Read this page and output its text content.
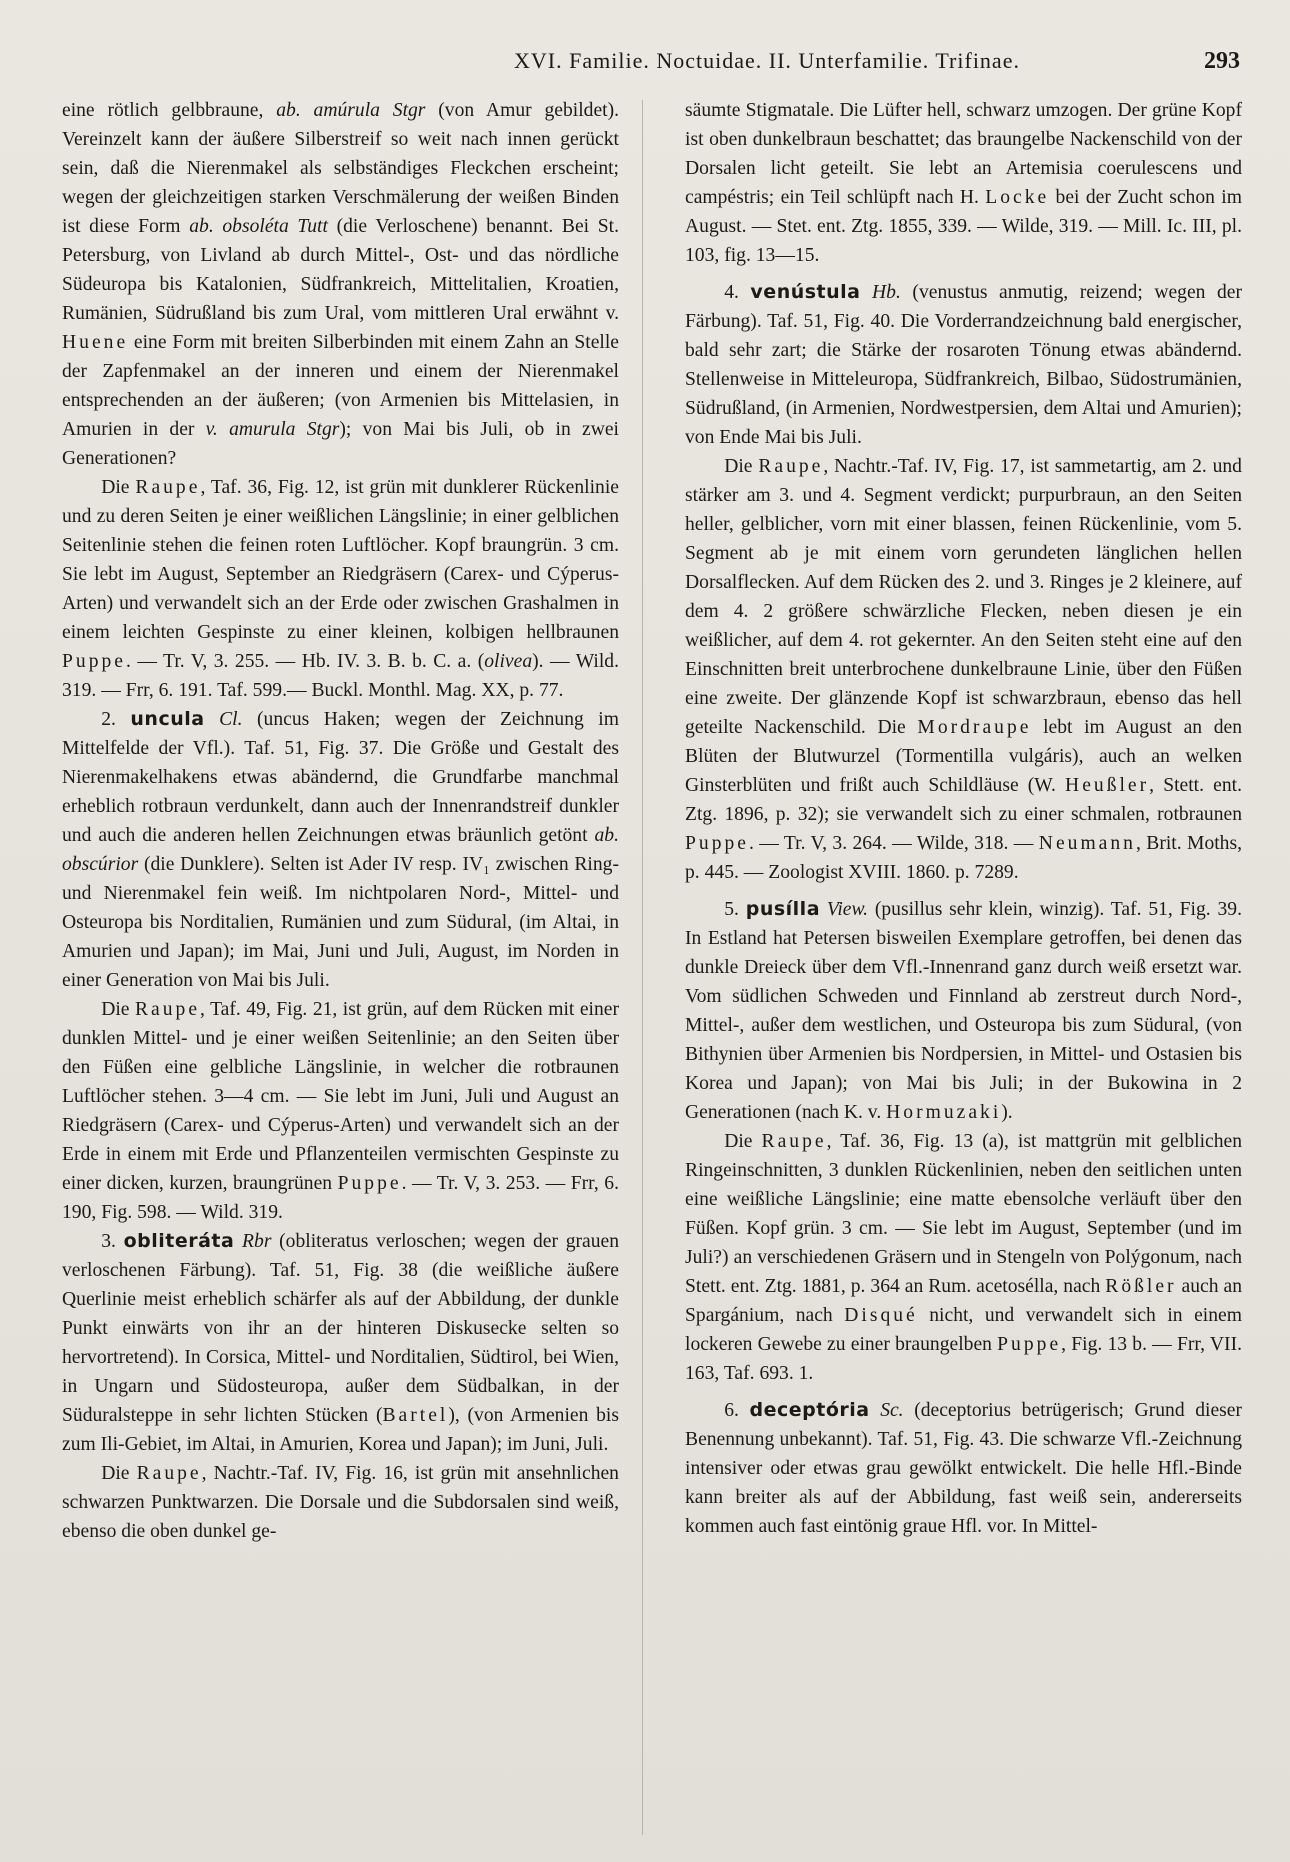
XVI. Familie. Noctuidae. II. Unterfamilie. Trifinae.	293

eine rötlich gelbbraune, ab. amúrula Stgr (von Amur gebildet). Vereinzelt kann der äußere Silberstreif so weit nach innen gerückt sein, daß die Nierenmakel als selbständiges Fleckchen erscheint; wegen der gleichzeitigen starken Verschmälerung der weißen Binden ist diese Form ab. obsoléta Tutt (die Verloschene) benannt. Bei St. Petersburg, von Livland ab durch Mittel-, Ost- und das nördliche Südeuropa bis Katalonien, Südfrankreich, Mittelitalien, Kroatien, Rumänien, Südrußland bis zum Ural, vom mittleren Ural erwähnt v. Huene eine Form mit breiten Silberbinden mit einem Zahn an Stelle der Zapfenmakel an der inneren und einem der Nierenmakel entsprechenden an der äußeren; (von Armenien bis Mittelasien, in Amurien in der v. amurula Stgr); von Mai bis Juli, ob in zwei Generationen?

Die Raupe, Taf. 36, Fig. 12, ist grün mit dunklerer Rückenlinie und zu deren Seiten je einer weißlichen Längslinie; in einer gelblichen Seitenlinie stehen die feinen roten Luftlöcher. Kopf braungrün. 3 cm. Sie lebt im August, September an Riedgräsern (Carex- und Cýperus-Arten) und verwandelt sich an der Erde oder zwischen Grashalmen in einem leichten Gespinste zu einer kleinen, kolbigen hellbraunen Puppe. — Tr. V, 3. 255. — Hb. IV. 3. B. b. C. a. (olivea). — Wild. 319. — Frr, 6. 191. Taf. 599.— Buckl. Monthl. Mag. XX, p. 77.

2. uncula Cl. (uncus Haken; wegen der Zeichnung im Mittelfelde der Vfl.). Taf. 51, Fig. 37. Die Größe und Gestalt des Nierenmakelhakens etwas abändernd, die Grundfarbe manchmal erheblich rotbraun verdunkelt, dann auch der Innenrandstreif dunkler und auch die anderen hellen Zeichnungen etwas bräunlich getönt ab. obscúrior (die Dunklere). Selten ist Ader IV resp. IV₁ zwischen Ring- und Nierenmakel fein weiß. Im nichtpolaren Nord-, Mittel- und Osteuropa bis Norditalien, Rumänien und zum Südural, (im Altai, in Amurien und Japan); im Mai, Juni und Juli, August, im Norden in einer Generation von Mai bis Juli.

Die Raupe, Taf. 49, Fig. 21, ist grün, auf dem Rücken mit einer dunklen Mittel- und je einer weißen Seitenlinie; an den Seiten über den Füßen eine gelbliche Längslinie, in welcher die rotbraunen Luftlöcher stehen. 3—4 cm. — Sie lebt im Juni, Juli und August an Riedgräsern (Carex- und Cýperus-Arten) und verwandelt sich an der Erde in einem mit Erde und Pflanzenteilen vermischten Gespinste zu einer dicken, kurzen, braungrünen Puppe. — Tr. V, 3. 253. — Frr, 6. 190, Fig. 598. — Wild. 319.

3. obliteráta Rbr (obliteratus verloschen; wegen der grauen verloschenen Färbung). Taf. 51, Fig. 38 (die weißliche äußere Querlinie meist erheblich schärfer als auf der Abbildung, der dunkle Punkt einwärts von ihr an der hinteren Diskusecke selten so hervortretend). In Corsica, Mittel- und Norditalien, Südtirol, bei Wien, in Ungarn und Südosteuropa, außer dem Südbalkan, in der Süduralsteppe in sehr lichten Stücken (Bartel), (von Armenien bis zum Ili-Gebiet, im Altai, in Amurien, Korea und Japan); im Juni, Juli.

Die Raupe, Nachtr.-Taf. IV, Fig. 16, ist grün mit ansehnlichen schwarzen Punktwarzen. Die Dorsale und die Subdorsalen sind weiß, ebenso die oben dunkel ge-

säumte Stigmatale. Die Lüfter hell, schwarz umzogen. Der grüne Kopf ist oben dunkelbraun beschattet; das braungelbe Nackenschild von der Dorsalen licht geteilt. Sie lebt an Artemisia coerulescens und campéstris; ein Teil schlüpft nach H. Locke bei der Zucht schon im August. — Stet. ent. Ztg. 1855, 339. — Wilde, 319. — Mill. Ic. III, pl. 103, fig. 13—15.

4. venústula Hb. (venustus anmutig, reizend; wegen der Färbung). Taf. 51, Fig. 40. Die Vorderrandzeichnung bald energischer, bald sehr zart; die Stärke der rosaroten Tönung etwas abändernd. Stellenweise in Mitteleuropa, Südfrankreich, Bilbao, Südostrumänien, Südrußland, (in Armenien, Nordwestpersien, dem Altai und Amurien); von Ende Mai bis Juli.

Die Raupe, Nachtr.-Taf. IV, Fig. 17, ist sammetartig, am 2. und stärker am 3. und 4. Segment verdickt; purpurbraun, an den Seiten heller, gelblicher, vorn mit einer blassen, feinen Rückenlinie, vom 5. Segment ab je mit einem vorn gerundeten länglichen hellen Dorsalflecken. Auf dem Rücken des 2. und 3. Ringes je 2 kleinere, auf dem 4. 2 größere schwärzliche Flecken, neben diesen je ein weißlicher, auf dem 4. rot gekernter. An den Seiten steht eine auf den Einschnitten breit unterbrochene dunkelbraune Linie, über den Füßen eine zweite. Der glänzende Kopf ist schwarzbraun, ebenso das hell geteilte Nackenschild. Die Mordraupe lebt im August an den Blüten der Blutwurzel (Tormentilla vulgáris), auch an welken Ginsterblüten und frißt auch Schildläuse (W. Heußler, Stett. ent. Ztg. 1896, p. 32); sie verwandelt sich zu einer schmalen, rotbraunen Puppe. — Tr. V, 3. 264. — Wilde, 318. — Neumann, Brit. Moths, p. 445. — Zoologist XVIII. 1860. p. 7289.

5. pusílla View. (pusillus sehr klein, winzig). Taf. 51, Fig. 39. In Estland hat Petersen bisweilen Exemplare getroffen, bei denen das dunkle Dreieck über dem Vfl.-Innenrand ganz durch weiß ersetzt war. Vom südlichen Schweden und Finnland ab zerstreut durch Nord-, Mittel-, außer dem westlichen, und Osteuropa bis zum Südural, (von Bithynien über Armenien bis Nordpersien, in Mittel- und Ostasien bis Korea und Japan); von Mai bis Juli; in der Bukowina in 2 Generationen (nach K. v. Hormuzaki).

Die Raupe, Taf. 36, Fig. 13 (a), ist mattgrün mit gelblichen Ringeinschnitten, 3 dunklen Rückenlinien, neben den seitlichen unten eine weißliche Längslinie; eine matte ebensolche verläuft über den Füßen. Kopf grün. 3 cm. — Sie lebt im August, September (und im Juli?) an verschiedenen Gräsern und in Stengeln von Polýgonum, nach Stett. ent. Ztg. 1881, p. 364 an Rum. acetosélla, nach Rößler auch an Spargánium, nach Disqué nicht, und verwandelt sich in einem lockeren Gewebe zu einer braungelben Puppe, Fig. 13 b. — Frr, VII. 163, Taf. 693. 1.

6. deceptória Sc. (deceptorius betrügerisch; Grund dieser Benennung unbekannt). Taf. 51, Fig. 43. Die schwarze Vfl.-Zeichnung intensiver oder etwas grau gewölkt entwickelt. Die helle Hfl.-Binde kann breiter als auf der Abbildung, fast weiß sein, andererseits kommen auch fast eintönig graue Hfl. vor. In Mittel-
